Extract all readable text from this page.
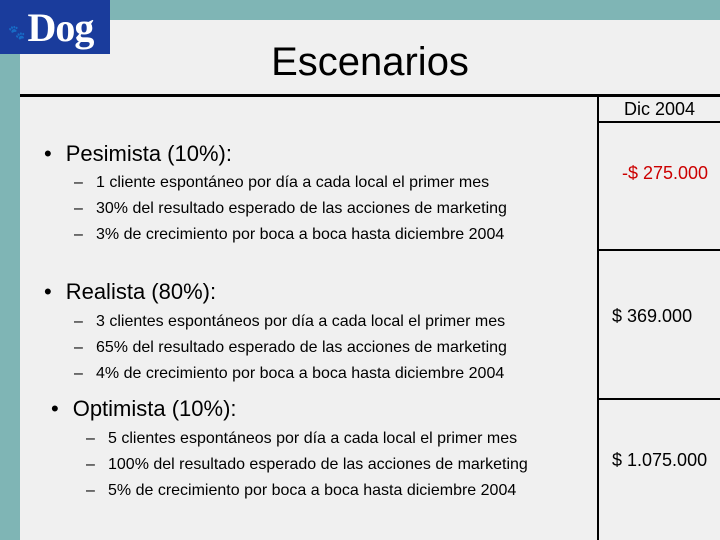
🐾 Dog
Escenarios
Dic 2004
• Pesimista (10%):
– 1 cliente espontáneo por día a cada local el primer mes
– 30% del resultado esperado de las acciones de marketing
– 3% de crecimiento por boca a boca hasta diciembre 2004
-$ 275.000
• Realista (80%):
– 3 clientes espontáneos por día a cada local el primer mes
– 65% del resultado esperado de las acciones de marketing
– 4% de crecimiento por boca a boca hasta diciembre 2004
$ 369.000
• Optimista (10%):
– 5 clientes espontáneos por día a cada local el primer mes
– 100% del resultado esperado de las acciones de marketing
– 5% de crecimiento por boca a boca hasta diciembre 2004
$ 1.075.000
